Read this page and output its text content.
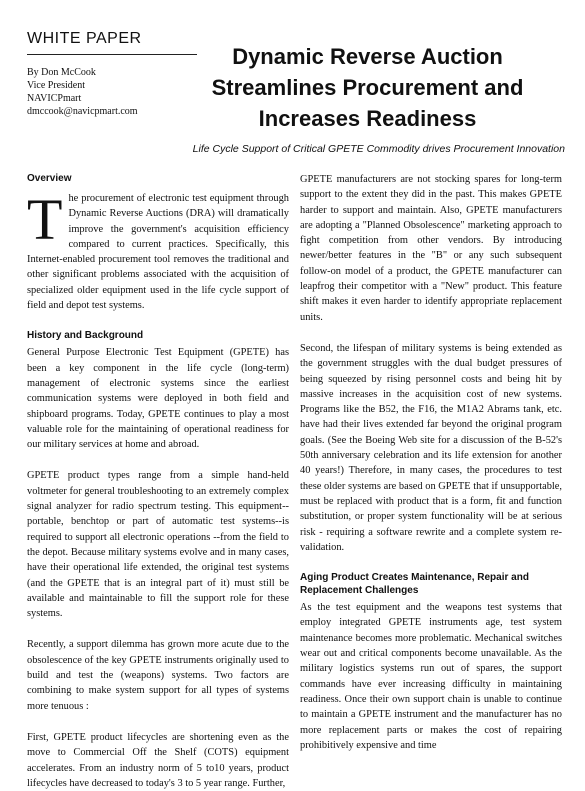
WHITE PAPER
By Don McCook
Vice President
NAVICPmart
dmccook@navicpmart.com
Dynamic Reverse Auction Streamlines Procurement and Increases Readiness
Life Cycle Support of Critical GPETE Commodity drives Procurement Innovation
Overview

The procurement of electronic test equipment through Dynamic Reverse Auctions (DRA) will dramatically improve the government's acquisition efficiency compared to current practices. Specifically, this Internet-enabled procurement tool removes the traditional and other significant problems associated with the acquisition of specialized older equipment used in the life cycle support of field and depot test systems.

History and Background

General Purpose Electronic Test Equipment (GPETE) has been a key component in the life cycle (long-term) management of electronic systems since the earliest communication systems were deployed in both field and shipboard programs. Today, GPETE continues to play a most valuable role for the maintaining of operational readiness for our military services at home and abroad.

GPETE product types range from a simple hand-held voltmeter for general troubleshooting to an extremely complex signal analyzer for radio spectrum testing. This equipment--portable, benchtop or part of automatic test systems--is required to support all electronic operations --from the field to the depot. Because military systems evolve and in many cases, have their operational life extended, the original test systems (and the GPETE that is an integral part of it) must still be available and maintainable to fill the support role for these systems.

Recently, a support dilemma has grown more acute due to the obsolescence of the key GPETE instruments originally used to build and test the (weapons) systems. Two factors are combining to make system support for all types of systems more tenuous :

First, GPETE product lifecycles are shortening even as the move to Commercial Off the Shelf (COTS) equipment accelerates. From an industry norm of 5 to10 years, product lifecycles have decreased to today's 3 to 5 year range. Further,

GPETE manufacturers are not stocking spares for long-term support to the extent they did in the past. This makes GPETE harder to support and maintain. Also, GPETE manufacturers are adopting a "Planned Obsolescence" marketing approach to fight competition from other vendors. By introducing newer/better features in the "B" or any such subsequent follow-on model of a product, the GPETE manufacturer can leapfrog their competitor with a "New" product. This feature shift makes it even harder to identify appropriate replacement units.

Second, the lifespan of military systems is being extended as the government struggles with the dual budget pressures of being squeezed by rising personnel costs and being hit by massive increases in the acquisition cost of new systems. Programs like the B52, the F16, the M1A2 Abrams tank, etc. have had their lives extended far beyond the original program goals. (See the Boeing Web site for a discussion of the B-52's 50th anniversary celebration and its life extension for another 40 years!) Therefore, in many cases, the procedures to test these older systems are based on GPETE that if unsupportable, must be replaced with product that is a form, fit and function substitution, or proper system functionality will be at serious risk - requiring a software rewrite and a complete system re-validation.

Aging Product Creates Maintenance, Repair and Replacement Challenges

As the test equipment and the weapons test systems that employ integrated GPETE instruments age, test system maintenance becomes more problematic. Mechanical switches wear out and critical components become unavailable. As the military logistics systems run out of spares, the support commands have ever increasing difficulty in maintaining readiness. Once their own support chain is unable to continue to maintain a GPETE instrument and the manufacturer has no more replacement parts or makes the cost of repairing prohibitively expensive and time
